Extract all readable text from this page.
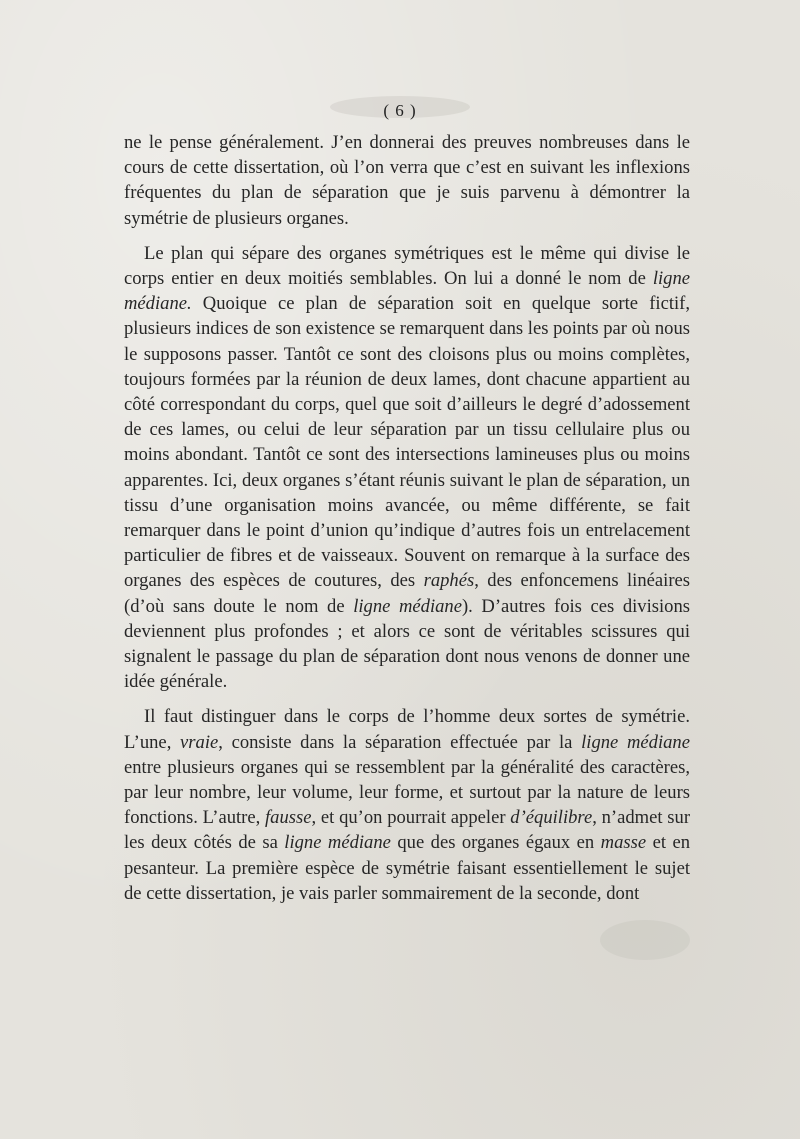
( 6 )

ne le pense généralement. J’en donnerai des preuves nombreuses dans le cours de cette dissertation, où l’on verra que c’est en suivant les inflexions fréquentes du plan de séparation que je suis parvenu à démontrer la symétrie de plusieurs organes.

Le plan qui sépare des organes symétriques est le même qui divise le corps entier en deux moitiés semblables. On lui a donné le nom de ligne médiane. Quoique ce plan de séparation soit en quelque sorte fictif, plusieurs indices de son existence se remarquent dans les points par où nous le supposons passer. Tantôt ce sont des cloisons plus ou moins complètes, toujours formées par la réunion de deux lames, dont chacune appartient au côté correspondant du corps, quel que soit d’ailleurs le degré d’adossement de ces lames, ou celui de leur séparation par un tissu cellulaire plus ou moins abondant. Tantôt ce sont des intersections lamineuses plus ou moins apparentes. Ici, deux organes s’étant réunis suivant le plan de séparation, un tissu d’une organisation moins avancée, ou même différente, se fait remarquer dans le point d’union qu’indique d’autres fois un entrelacement particulier de fibres et de vaisseaux. Souvent on remarque à la surface des organes des espèces de coutures, des raphés, des enfoncemens linéaires (d’où sans doute le nom de ligne médiane). D’autres fois ces divisions deviennent plus profondes ; et alors ce sont de véritables scissures qui signalent le passage du plan de séparation dont nous venons de donner une idée générale.

Il faut distinguer dans le corps de l’homme deux sortes de symétrie. L’une, vraie, consiste dans la séparation effectuée par la ligne médiane entre plusieurs organes qui se ressemblent par la généralité des caractères, par leur nombre, leur volume, leur forme, et surtout par la nature de leurs fonctions. L’autre, fausse, et qu’on pourrait appeler d’équilibre, n’admet sur les deux côtés de sa ligne médiane que des organes égaux en masse et en pesanteur. La première espèce de symétrie faisant essentiellement le sujet de cette dissertation, je vais parler sommairement de la seconde, dont
